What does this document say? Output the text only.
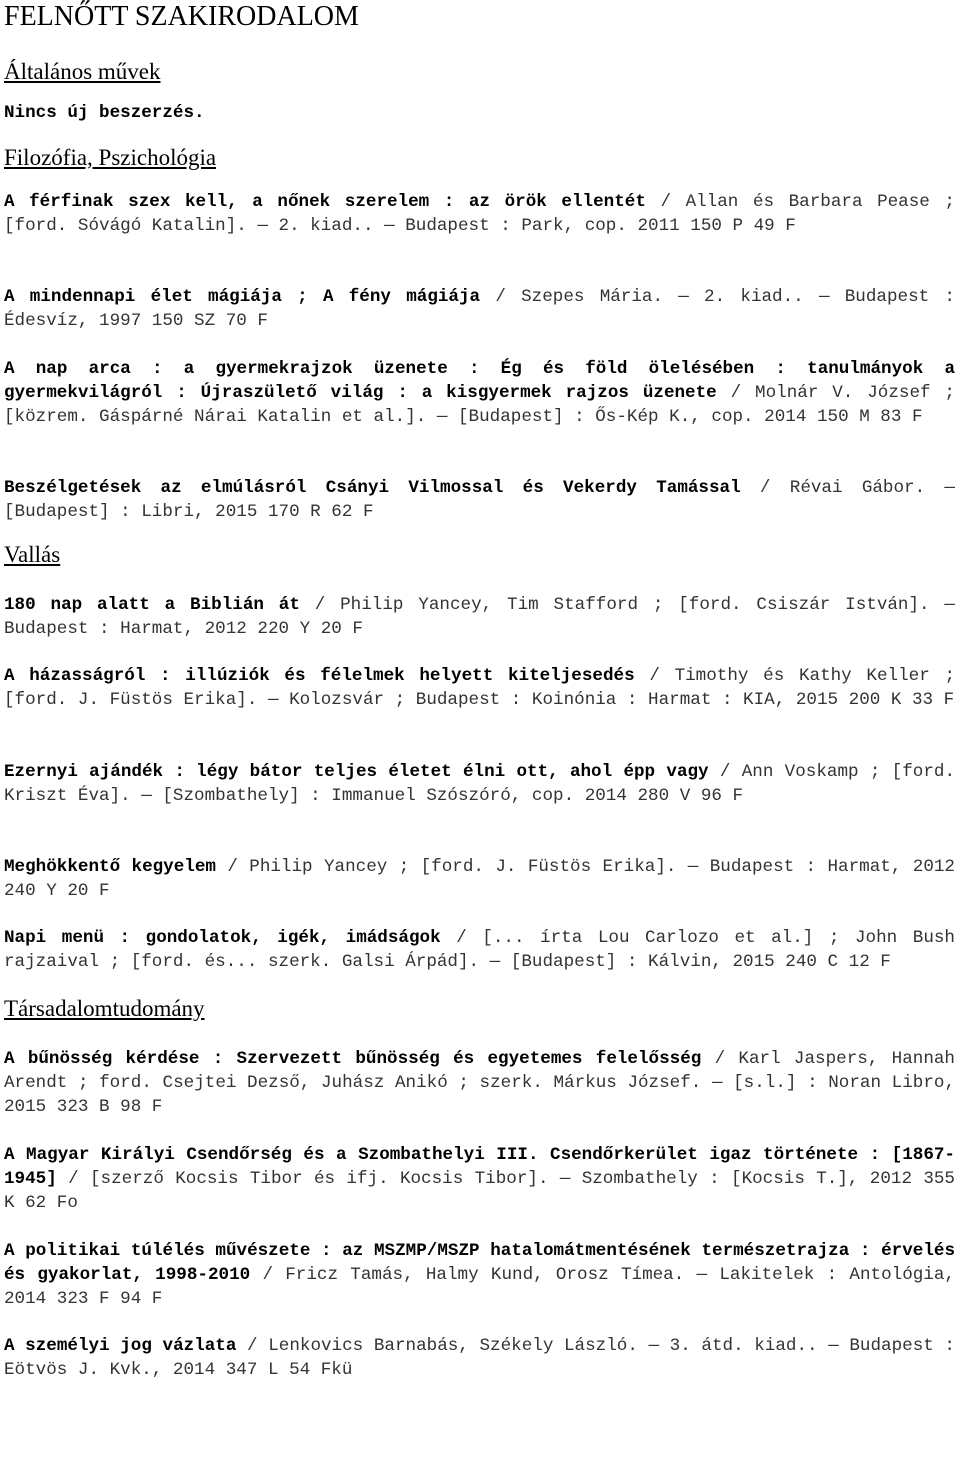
FELNŐTT SZAKIRODALOM
Általános művek

Nincs új beszerzés.

Filozófia, Pszichológia

A férfinak szex kell, a nőnek szerelem : az örök ellentét / Allan és Barbara Pease ; [ford. Sóvágó Katalin]. — 2. kiad.. — Budapest : Park, cop. 2011 150 P 49 F

A mindennapi élet mágiája ; A fény mágiája / Szepes Mária. — 2. kiad.. — Budapest : Édesvíz, 1997 150 SZ 70 F

A nap arca : a gyermekrajzok üzenete : Ég és föld ölelésében : tanulmányok a gyermekvilágról : Újraszülető világ : a kisgyermek rajzos üzenete / Molnár V. József ; [közrem. Gáspárné Nárai Katalin et al.]. — [Budapest] : Ős-Kép K., cop. 2014 150 M 83 F

Beszélgetések az elmúlásról Csányi Vilmossal és Vekerdy Tamással / Révai Gábor. — [Budapest] : Libri, 2015 170 R 62 F

Vallás

180 nap alatt a Biblián át / Philip Yancey, Tim Stafford ; [ford. Csiszár István]. — Budapest : Harmat, 2012 220 Y 20 F

A házasságról : illúziók és félelmek helyett kiteljesedés / Timothy és Kathy Keller ; [ford. J. Füstös Erika]. — Kolozsvár ; Budapest : Koinónia : Harmat : KIA, 2015 200 K 33 F

Ezernyi ajándék : légy bátor teljes életet élni ott, ahol épp vagy / Ann Voskamp ; [ford. Kriszt Éva]. — [Szombathely] : Immanuel Szószóró, cop. 2014 280 V 96 F

Meghökkentő kegyelem / Philip Yancey ; [ford. J. Füstös Erika]. — Budapest : Harmat, 2012 240 Y 20 F

Napi menü : gondolatok, igék, imádságok / [... írta Lou Carlozo et al.] ; John Bush rajzaival ; [ford. és... szerk. Galsi Árpád]. — [Budapest] : Kálvin, 2015 240 C 12 F

Társadalomtudomány

A bűnösség kérdése : Szervezett bűnösség és egyetemes felelősség / Karl Jaspers, Hannah Arendt ; ford. Csejtei Dezső, Juhász Anikó ; szerk. Márkus József. — [s.l.] : Noran Libro, 2015 323 B 98 F

A Magyar Királyi Csendőrség és a Szombathelyi III. Csendőrkerület igaz története : [1867-1945] / [szerző Kocsis Tibor és ifj. Kocsis Tibor]. — Szombathely : [Kocsis T.], 2012 355 K 62 Fo

A politikai túlélés művészete : az MSZMP/MSZP hatalomátmentésének természetrajza : érvelés és gyakorlat, 1998-2010 / Fricz Tamás, Halmy Kund, Orosz Tímea. — Lakitelek : Antológia, 2014 323 F 94 F

A személyi jog vázlata / Lenkovics Barnabás, Székely László. — 3. átd. kiad.. — Budapest : Eötvös J. Kvk., 2014 347 L 54 Fkü
